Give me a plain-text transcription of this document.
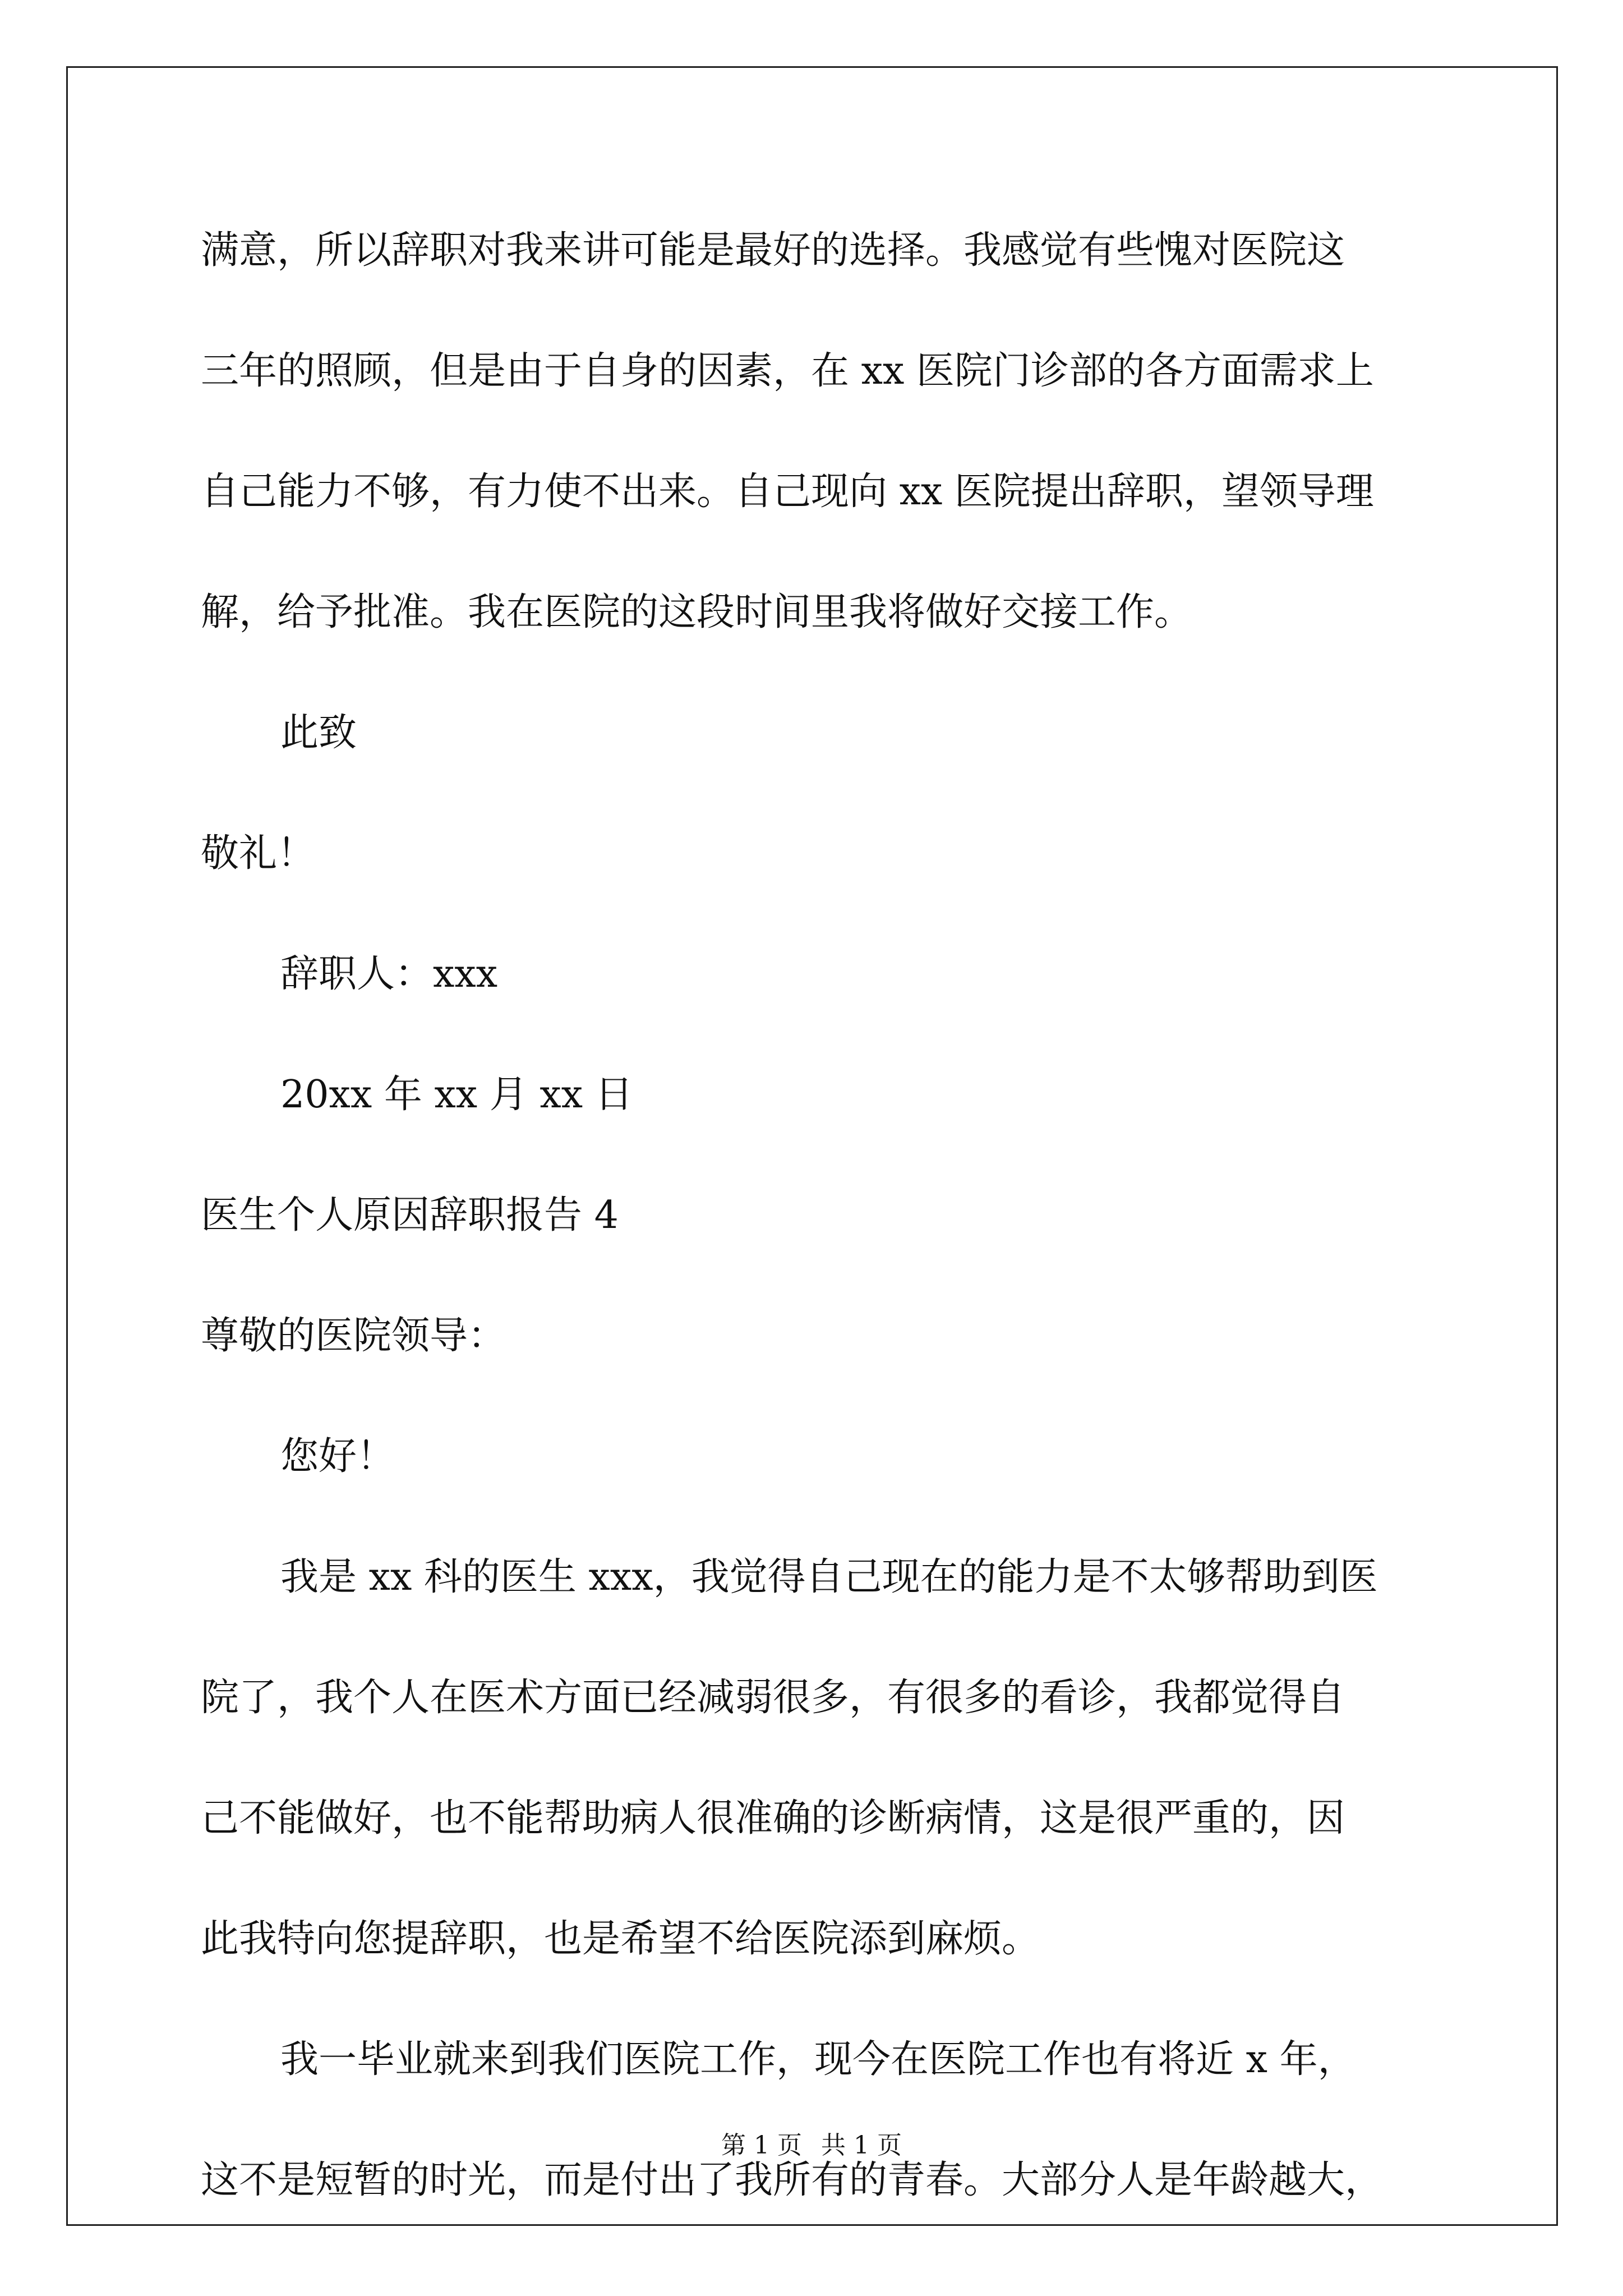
满意，所以辞职对我来讲可能是最好的选择。我感觉有些愧对医院这
三年的照顾，但是由于自身的因素，在 xx 医院门诊部的各方面需求上
自己能力不够，有力使不出来。自己现向 xx 医院提出辞职，望领导理
解，给予批准。我在医院的这段时间里我将做好交接工作。
此致
敬礼！
辞职人：xxx
20xx 年 xx 月 xx 日
医生个人原因辞职报告 4
尊敬的医院领导：
您好！
我是 xx 科的医生 xxx，我觉得自己现在的能力是不太够帮助到医
院了，我个人在医术方面已经减弱很多，有很多的看诊，我都觉得自
己不能做好，也不能帮助病人很准确的诊断病情，这是很严重的，因
此我特向您提辞职，也是希望不给医院添到麻烦。
我一毕业就来到我们医院工作，现今在医院工作也有将近 x 年，
这不是短暂的时光，而是付出了我所有的青春。大部分人是年龄越大，
第 1 页 共 1 页
